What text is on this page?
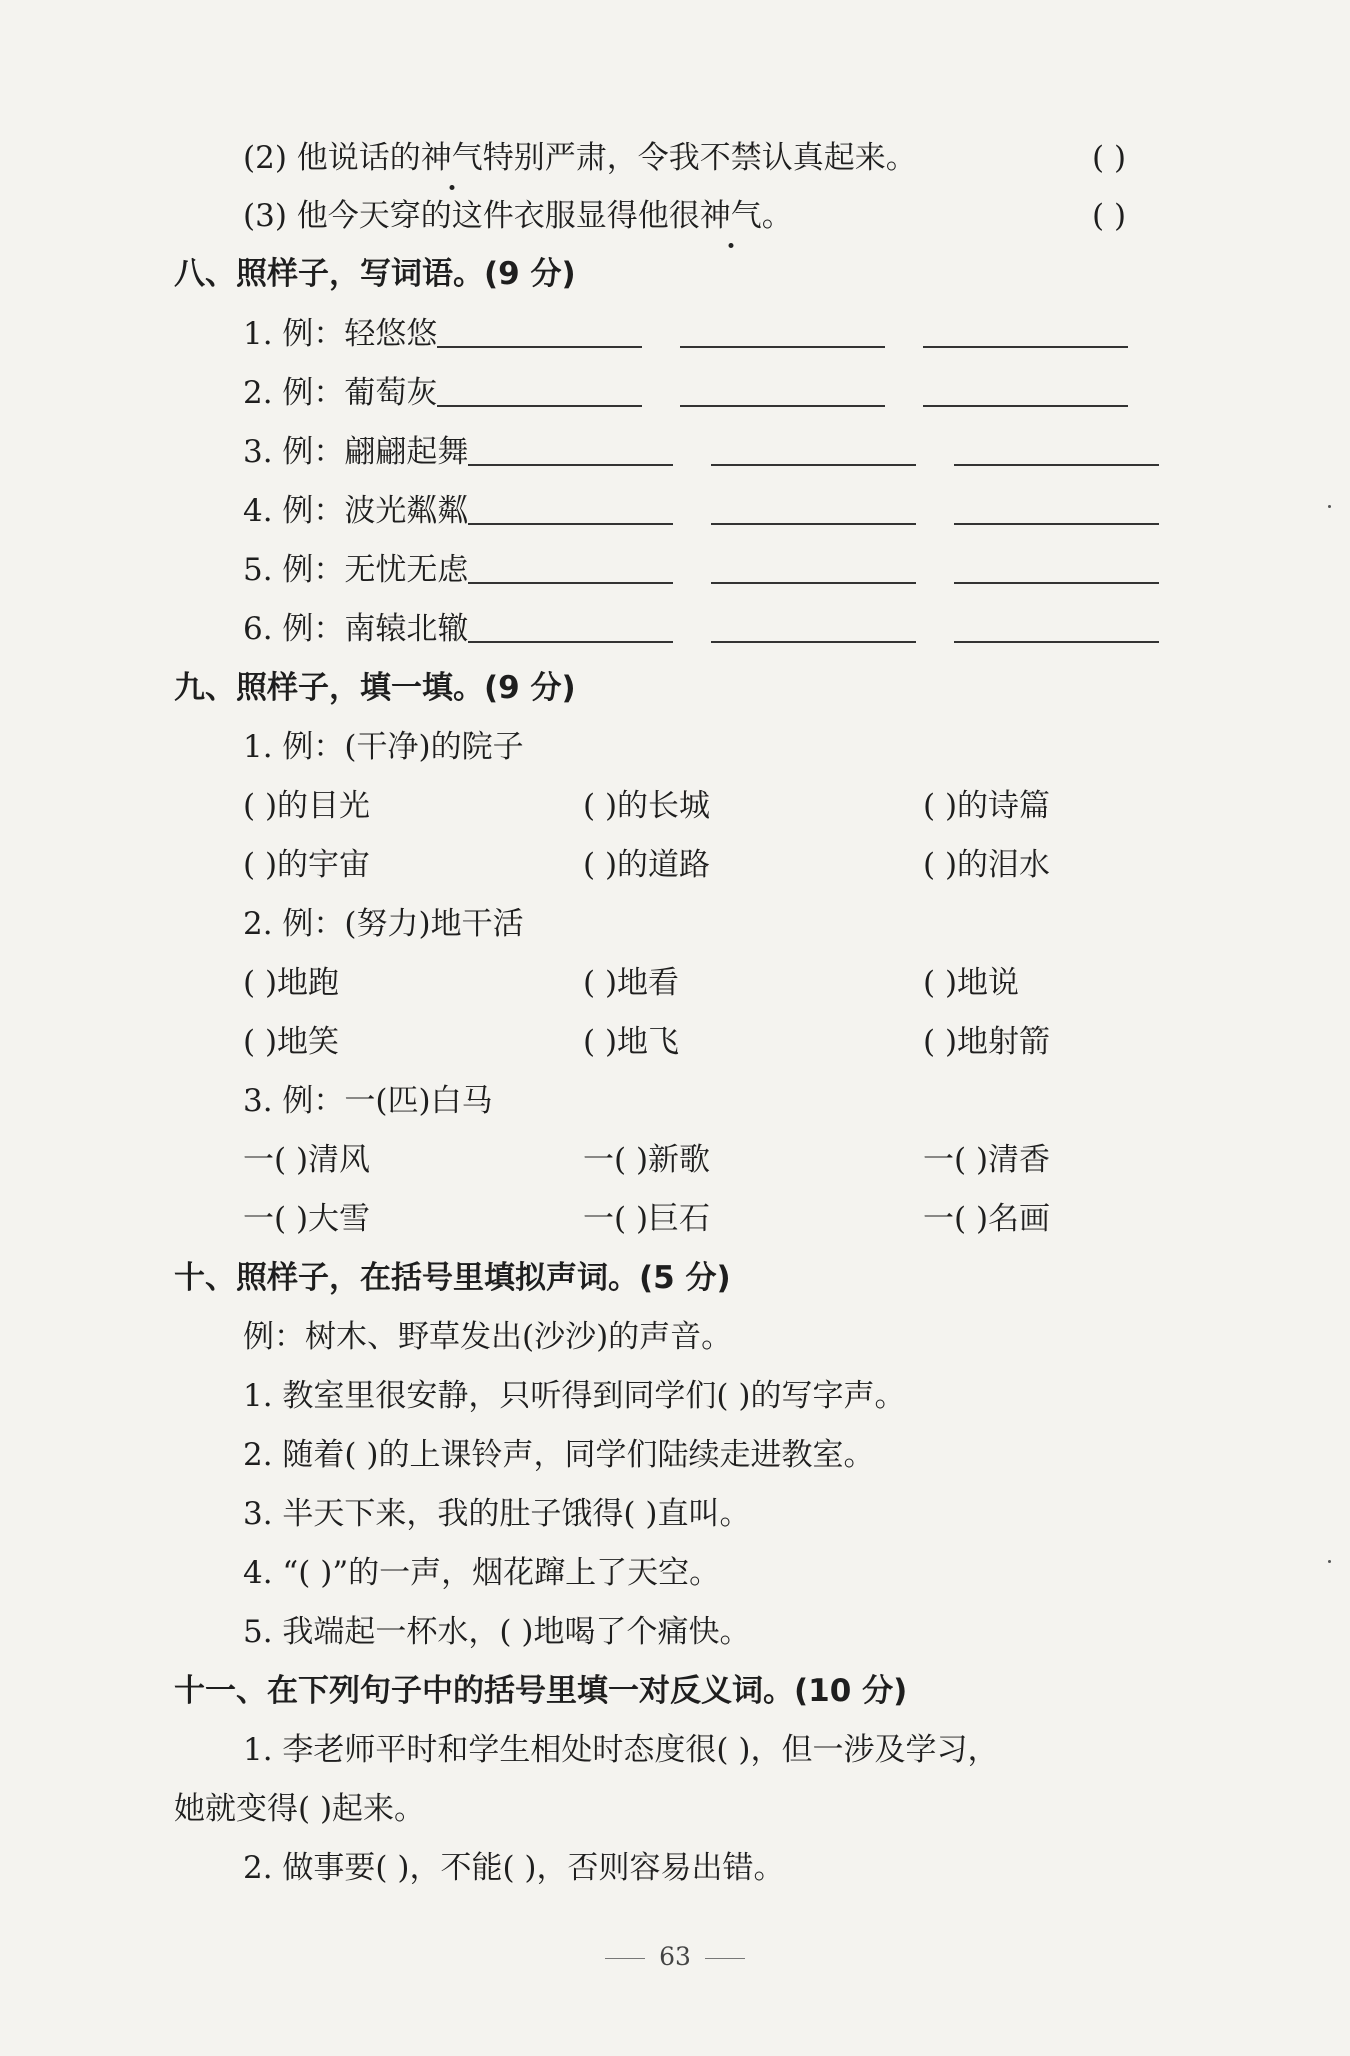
(2) 他说话的神气特别严肃，令我不禁认真起来。	( )
(3) 他今天穿的这件衣服显得他很神气。	( )
八、照样子，写词语。(9 分)
1. 例：轻悠悠
2. 例：葡萄灰
3. 例：翩翩起舞
4. 例：波光粼粼
5. 例：无忧无虑
6. 例：南辕北辙
九、照样子，填一填。(9 分)
1. 例：(干净)的院子
( )的目光	( )的长城	( )的诗篇
( )的宇宙	( )的道路	( )的泪水
2. 例：(努力)地干活
( )地跑	( )地看	( )地说
( )地笑	( )地飞	( )地射箭
3. 例：一(匹)白马
一( )清风	一( )新歌	一( )清香
一( )大雪	一( )巨石	一( )名画
十、照样子，在括号里填拟声词。(5 分)
例：树木、野草发出(沙沙)的声音。
1. 教室里很安静，只听得到同学们( )的写字声。
2. 随着( )的上课铃声，同学们陆续走进教室。
3. 半天下来，我的肚子饿得( )直叫。
4. “( )”的一声，烟花蹿上了天空。
5. 我端起一杯水，( )地喝了个痛快。
十一、在下列句子中的括号里填一对反义词。(10 分)
1. 李老师平时和学生相处时态度很( )，但一涉及学习，
她就变得( )起来。
2. 做事要( )，不能( )，否则容易出错。
63
